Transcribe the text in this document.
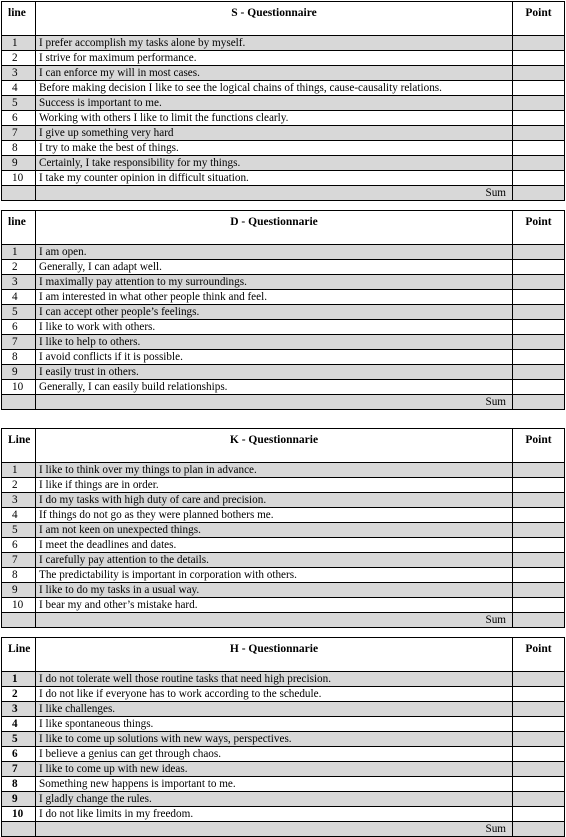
line	S - Questionnaire	Point
1	I prefer accomplish my tasks alone by myself.	
2	I strive for maximum performance.	
3	I can enforce my will in most cases.	
4	Before making decision I like to see the logical chains of things, cause-causality relations.	
5	Success is important to me.	
6	Working with others I like to limit the functions clearly.	
7	I give up something very hard	
8	I try to make the best of things.	
9	Certainly, I take responsibility for my things.	
10	I take my counter opinion in difficult situation.	
	Sum	
line	D - Questionnarie	Point
1	I am open.	
2	Generally, I can adapt well.	
3	I maximally pay attention to my surroundings.	
4	I am interested in what other people think and feel.	
5	I can accept other people’s feelings.	
6	I like to work with others.	
7	I like to help to others.	
8	I avoid conflicts if it is possible.	
9	I easily trust in others.	
10	Generally, I can easily build relationships.	
	Sum	
Line	K - Questionnarie	Point
1	I like to think over my things to plan in advance.	
2	I like if things are in order.	
3	I do my tasks with high duty of care and precision.	
4	If things do not go as they were planned bothers me.	
5	I am not keen on unexpected things.	
6	I meet the deadlines and dates.	
7	I carefully pay attention to the details.	
8	The predictability is important in corporation with others.	
9	I like to do my tasks in a usual way.	
10	I bear my and other’s mistake hard.	
	Sum	
Line	H - Questionnarie	Point
1	I do not tolerate well those routine tasks that need high precision.	
2	I do not like if everyone has to work according to the schedule.	
3	I like challenges.	
4	I like spontaneous things.	
5	I like to come up solutions with new ways, perspectives.	
6	I believe a genius can get through chaos.	
7	I like to come up with new ideas.	
8	Something new happens is important to me.	
9	I gladly change the rules.	
10	I do not like limits in my freedom.	
	Sum	
